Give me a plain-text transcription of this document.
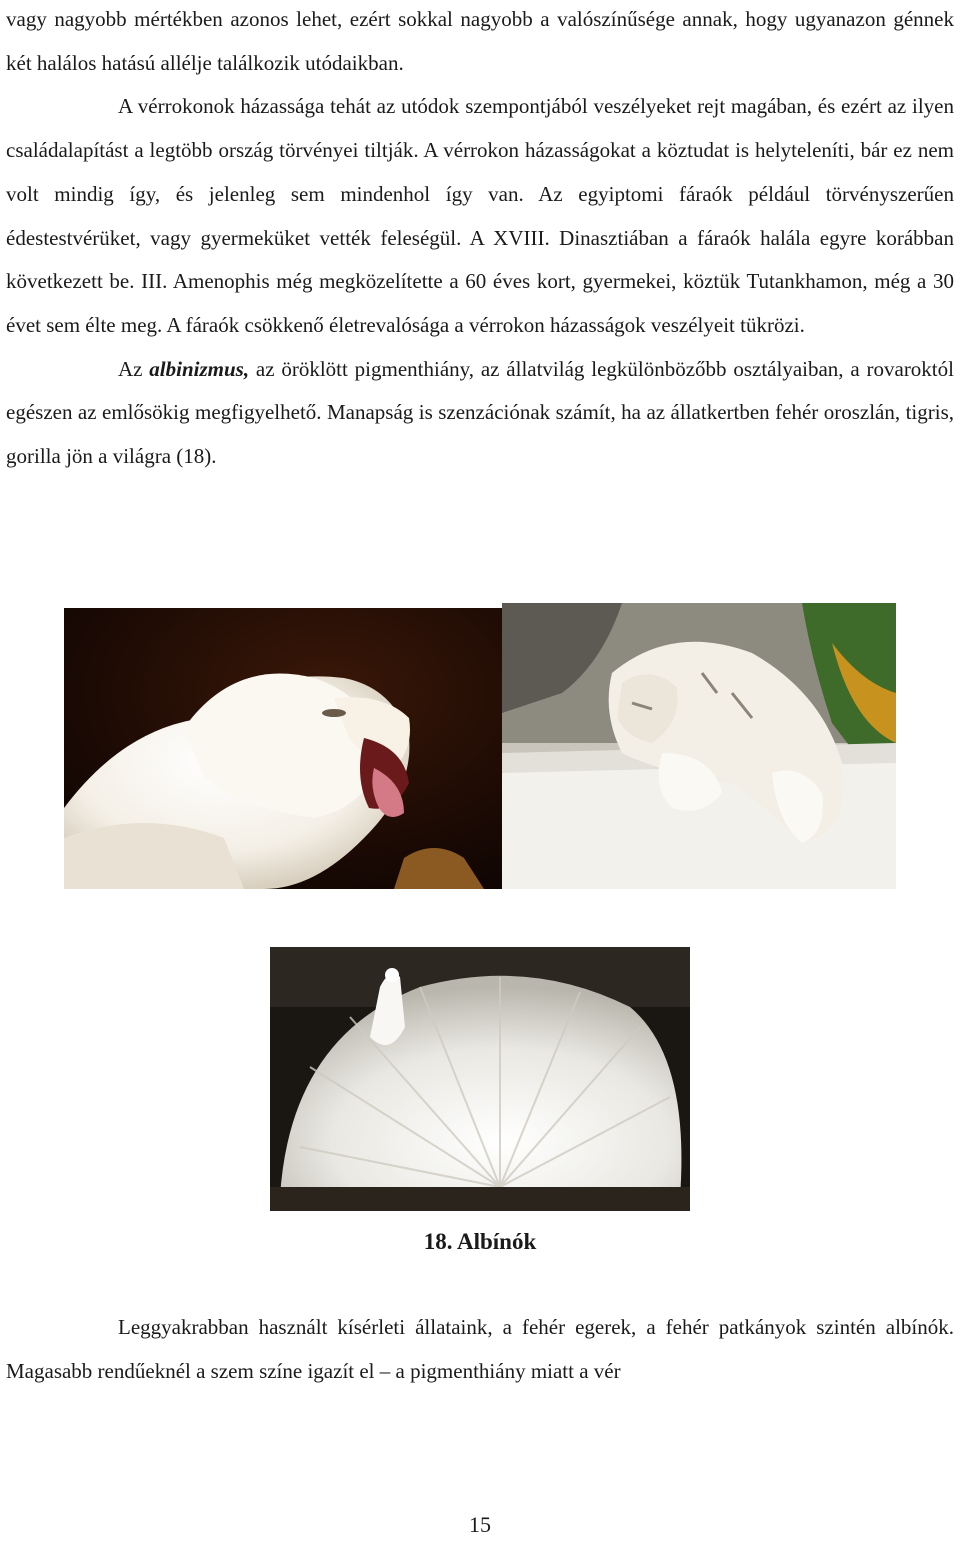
vagy nagyobb mértékben azonos lehet, ezért sokkal nagyobb a valószínűsége annak, hogy ugyanazon génnek két halálos hatású allélje találkozik utódaikban.

A vérrokonok házassága tehát az utódok szempontjából veszélyeket rejt magában, és ezért az ilyen családalapítást a legtöbb ország törvényei tiltják. A vérrokon házasságokat a köztudat is helyteleníti, bár ez nem volt mindig így, és jelenleg sem mindenhol így van. Az egyiptomi fáraók például törvényszerűen édestestvérüket, vagy gyermeküket vették feleségül. A XVIII. Dinasztiában a fáraók halála egyre korábban következett be. III. Amenophis még megközelítette a 60 éves kort, gyermekei, köztük Tutankhamon, még a 30 évet sem élte meg. A fáraók csökkenő életrevalósága a vérrokon házasságok veszélyeit tükrözi.

Az albinizmus, az öröklött pigmenthiány, az állatvilág legkülönbözőbb osztályaiban, a rovaroktól egészen az emlősökig megfigyelhető. Manapság is szenzációnak számít, ha az állatkertben fehér oroszlán, tigris, gorilla jön a világra (18).

18. Albínók

Leggyakrabban használt kísérleti állataink, a fehér egerek, a fehér patkányok szintén albínók. Magasabb rendűeknél a szem színe igazít el – a pigmenthiány miatt a vér

15
